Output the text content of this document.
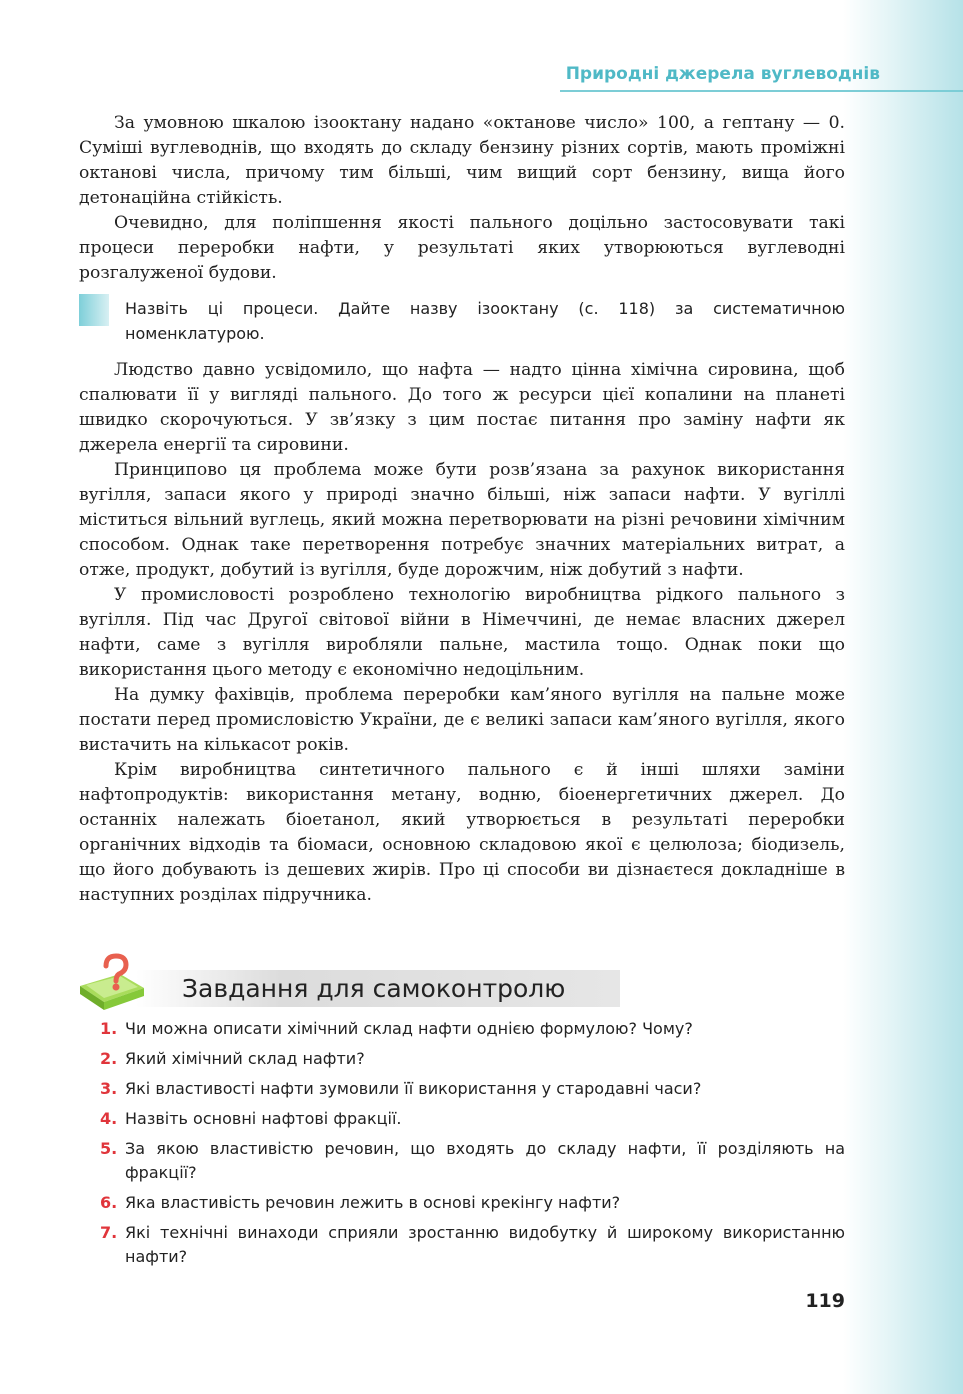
Природні джерела вуглеводнів

За умовною шкалою ізооктану надано «октанове число» 100, а гептану — 0. Суміші вуглеводнів, що входять до складу бензину різних сортів, мають проміжні октанові числа, причому тим більші, чим вищий сорт бензину, вища його детонаційна стійкість.

Очевидно, для поліпшення якості пального доцільно застосовувати такі процеси переробки нафти, у результаті яких утворюються вуглеводні розгалуженої будови.

Назвіть ці процеси. Дайте назву ізооктану (с. 118) за систематичною номенклатурою.

Людство давно усвідомило, що нафта — надто цінна хімічна сировина, щоб спалювати її у вигляді пального. До того ж ресурси цієї копалини на планеті швидко скорочуються. У зв’язку з цим постає питання про заміну нафти як джерела енергії та сировини.

Принципово ця проблема може бути розв’язана за рахунок використання вугілля, запаси якого у природі значно більші, ніж запаси нафти. У вугіллі міститься вільний вуглець, який можна перетворювати на різні речовини хімічним способом. Однак таке перетворення потребує значних матеріальних витрат, а отже, продукт, добутий із вугілля, буде дорожчим, ніж добутий з нафти.

У промисловості розроблено технологію виробництва рідкого пального з вугілля. Під час Другої світової війни в Німеччині, де немає власних джерел нафти, саме з вугілля виробляли пальне, мастила тощо. Однак поки що використання цього методу є економічно недоцільним.

На думку фахівців, проблема переробки кам’яного вугілля на пальне може постати перед промисловістю України, де є великі запаси кам’яного вугілля, якого вистачить на кількасот років.

Крім виробництва синтетичного пального є й інші шляхи заміни нафтопродуктів: використання метану, водню, біоенергетичних джерел. До останніх належать біоетанол, який утворюється в результаті переробки органічних відходів та біомаси, основною складовою якої є целюлоза; біодизель, що його добувають із дешевих жирів. Про ці способи ви дізнаєтеся докладніше в наступних розділах підручника.

Завдання для самоконтролю
1. Чи можна описати хімічний склад нафти однією формулою? Чому?
2. Який хімічний склад нафти?
3. Які властивості нафти зумовили її використання у стародавні часи?
4. Назвіть основні нафтові фракції.
5. За якою властивістю речовин, що входять до складу нафти, її розділяють на фракції?
6. Яка властивість речовин лежить в основі крекінгу нафти?
7. Які технічні винаходи сприяли зростанню видобутку й широкому використанню нафти?
119
